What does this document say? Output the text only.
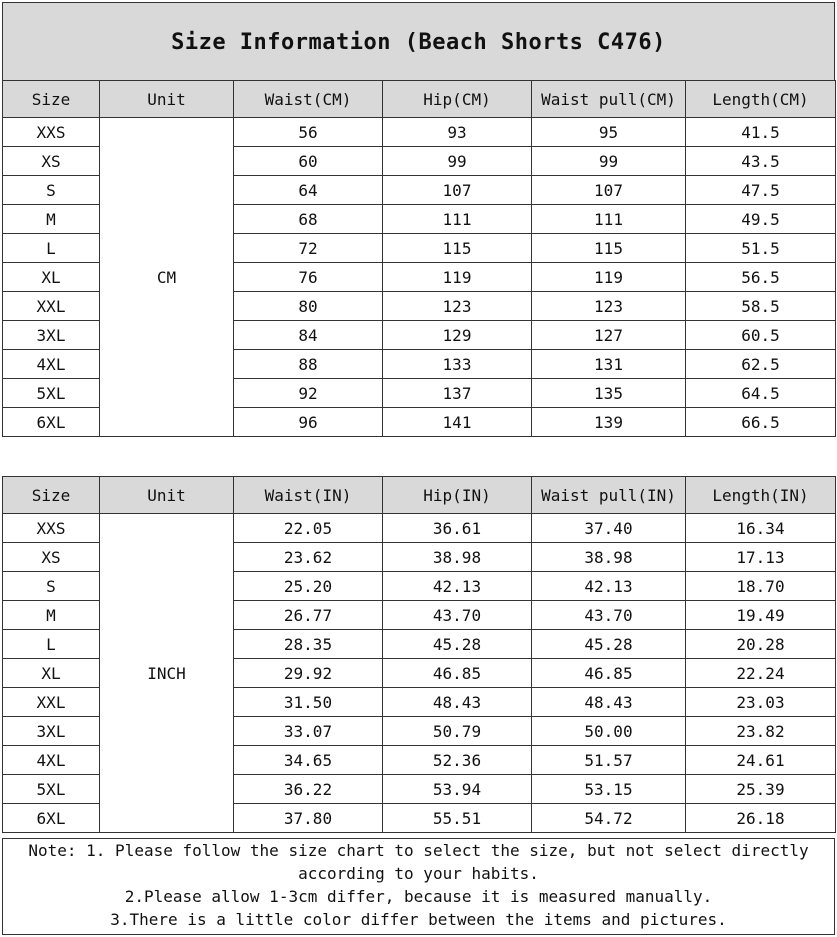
Size Information (Beach Shorts C476)
Size	Unit	Waist(CM)	Hip(CM)	Waist pull(CM)	Length(CM)
XXS	CM	56	93	95	41.5
XS		60	99	99	43.5
S		64	107	107	47.5
M		68	111	111	49.5
L		72	115	115	51.5
XL		76	119	119	56.5
XXL		80	123	123	58.5
3XL		84	129	127	60.5
4XL		88	133	131	62.5
5XL		92	137	135	64.5
6XL		96	141	139	66.5
Size	Unit	Waist(IN)	Hip(IN)	Waist pull(IN)	Length(IN)
XXS	INCH	22.05	36.61	37.40	16.34
XS		23.62	38.98	38.98	17.13
S		25.20	42.13	42.13	18.70
M		26.77	43.70	43.70	19.49
L		28.35	45.28	45.28	20.28
XL		29.92	46.85	46.85	22.24
XXL		31.50	48.43	48.43	23.03
3XL		33.07	50.79	50.00	23.82
4XL		34.65	52.36	51.57	24.61
5XL		36.22	53.94	53.15	25.39
6XL		37.80	55.51	54.72	26.18
Note: 1. Please follow the size chart to select the size, but not select directly
according to your habits.
2.Please allow 1-3cm differ, because it is measured manually.
3.There is a little color differ between the items and pictures.
